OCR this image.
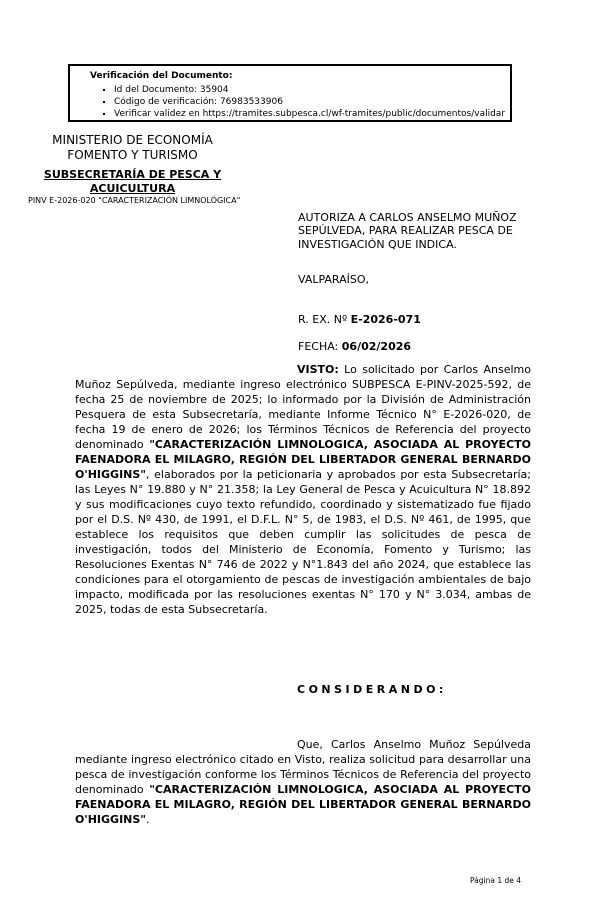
Verificación del Documento:
▪ Id del Documento: 35904
▪ Código de verificación: 76983533906
▪ Verificar validez en https://tramites.subpesca.cl/wf-tramites/public/documentos/validar
MINISTERIO DE ECONOMÍA
FOMENTO Y TURISMO
SUBSECRETARÍA DE PESCA Y ACUICULTURA
PINV E-2026-020 "CARACTERIZACIÓN LIMNOLÓGICA"

AUTORIZA A CARLOS ANSELMO MUÑOZ SEPÚLVEDA, PARA REALIZAR PESCA DE INVESTIGACIÓN QUE INDICA.

VALPARAÍSO,
R. EX. Nº E-2026-071
FECHA: 06/02/2026

VISTO: Lo solicitado por Carlos Anselmo Muñoz Sepúlveda, mediante ingreso electrónico SUBPESCA E-PINV-2025-592, de fecha 25 de noviembre de 2025; lo informado por la División de Administración Pesquera de esta Subsecretaría, mediante Informe Técnico N° E-2026-020, de fecha 19 de enero de 2026; los Términos Técnicos de Referencia del proyecto denominado "CARACTERIZACIÓN LIMNOLOGICA, ASOCIADA AL PROYECTO FAENADORA EL MILAGRO, REGIÓN DEL LIBERTADOR GENERAL BERNARDO O'HIGGINS", elaborados por la peticionaria y aprobados por esta Subsecretaría; las Leyes N° 19.880 y N° 21.358; la Ley General de Pesca y Acuicultura N° 18.892 y sus modificaciones cuyo texto refundido, coordinado y sistematizado fue fijado por el D.S. Nº 430, de 1991, el D.F.L. N° 5, de 1983, el D.S. Nº 461, de 1995, que establece los requisitos que deben cumplir las solicitudes de pesca de investigación, todos del Ministerio de Economía, Fomento y Turismo; las Resoluciones Exentas N° 746 de 2022 y N°1.843 del año 2024, que establece las condiciones para el otorgamiento de pescas de investigación ambientales de bajo impacto, modificada por las resoluciones exentas N° 170 y N° 3.034, ambas de 2025, todas de esta Subsecretaría.

CONSIDERANDO:

Que, Carlos Anselmo Muñoz Sepúlveda mediante ingreso electrónico citado en Visto, realiza solicitud para desarrollar una pesca de investigación conforme los Términos Técnicos de Referencia del proyecto denominado "CARACTERIZACIÓN LIMNOLOGICA, ASOCIADA AL PROYECTO FAENADORA EL MILAGRO, REGIÓN DEL LIBERTADOR GENERAL BERNARDO O'HIGGINS".

Página 1 de 4
